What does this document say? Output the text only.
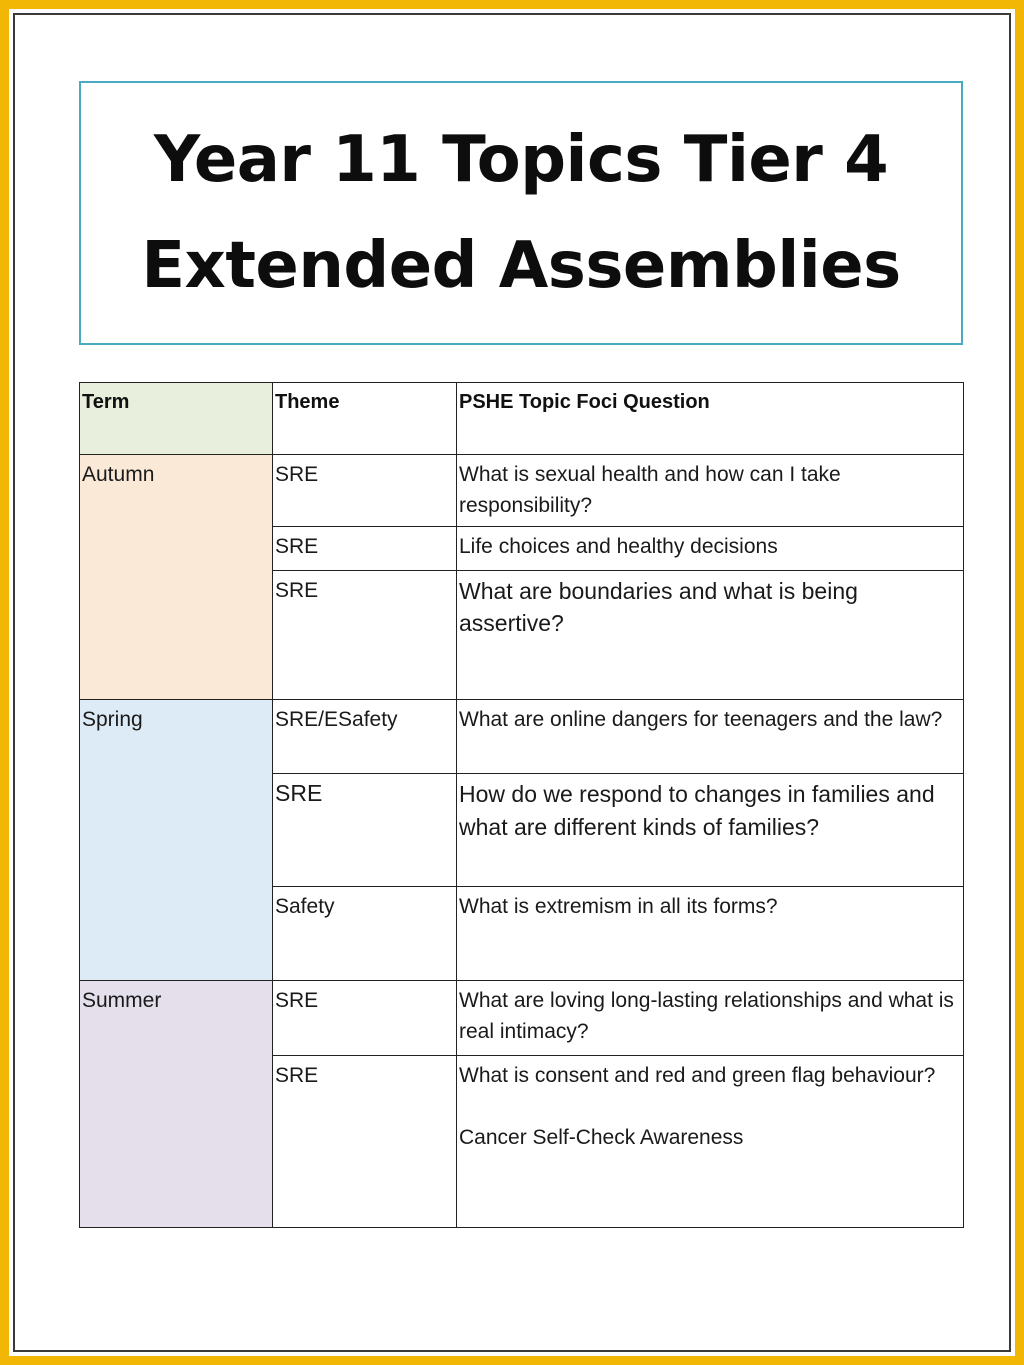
Year 11 Topics Tier 4
Extended Assemblies
Term	Theme	PSHE Topic Foci Question
Autumn	SRE	What is sexual health and how can I take responsibility?
	SRE	Life choices and healthy decisions
	SRE	What are boundaries and what is being assertive?
Spring	SRE/ESafety	What are online dangers for teenagers and the law?
	SRE	How do we respond to changes in families and what are different kinds of families?
	Safety	What is extremism in all its forms?
Summer	SRE	What are loving long-lasting relationships and what is real intimacy?
	SRE	What is consent and red and green flag behaviour?
Cancer Self-Check Awareness
